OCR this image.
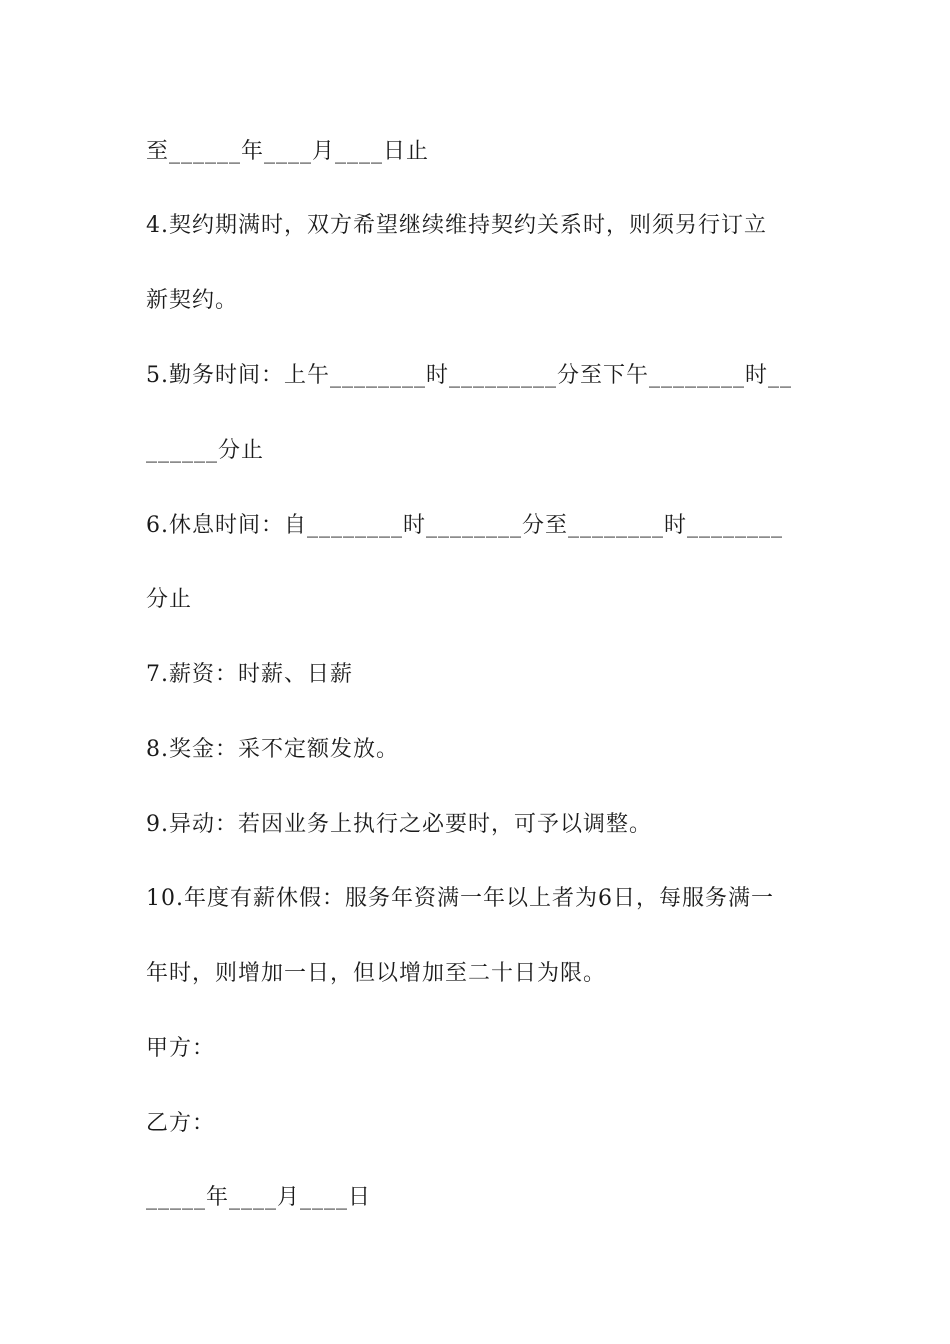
至______年____月____日止
4.契约期满时，双方希望继续维持契约关系时，则须另行订立
新契约。
5.勤务时间：上午________时_________分至下午________时__
______分止
6.休息时间：自________时________分至________时________
分止
7.薪资：时薪、日薪
8.奖金：采不定额发放。
9.异动：若因业务上执行之必要时，可予以调整。
10.年度有薪休假：服务年资满一年以上者为6日，每服务满一
年时，则增加一日，但以增加至二十日为限。
甲方：
乙方：
_____年____月____日
